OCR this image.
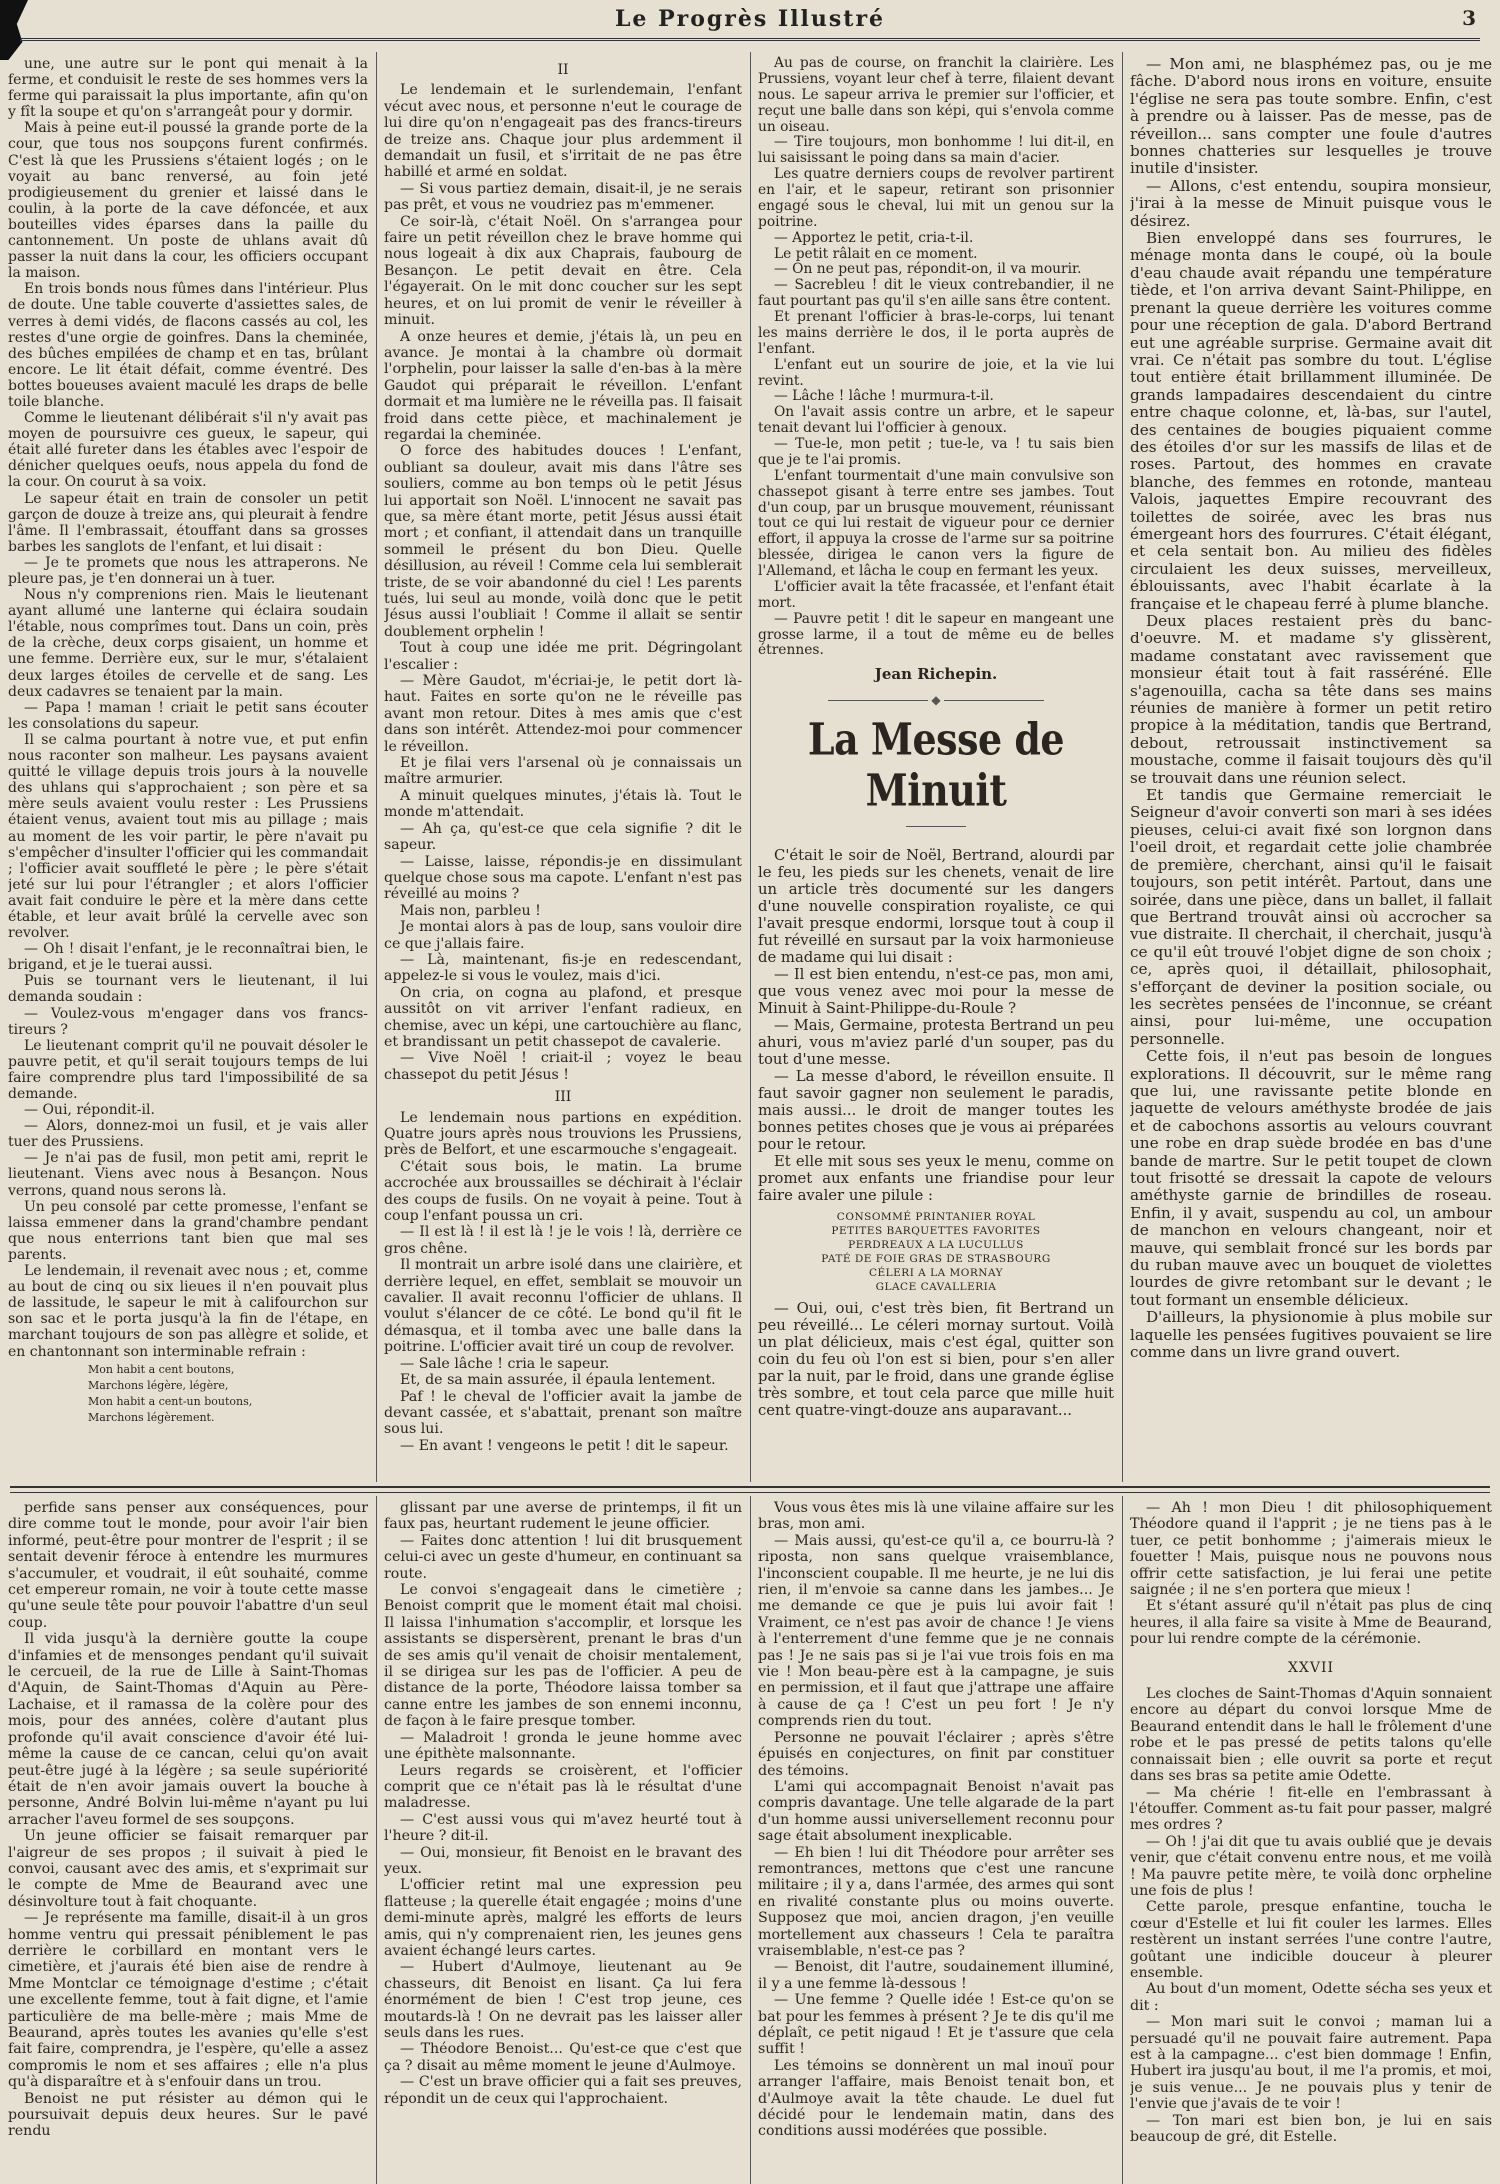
Le Progrès Illustré	3

une, une autre sur le pont qui menait à la ferme, et conduisit le reste de ses hommes vers la ferme qui paraissait la plus importante, afin qu'on y fît la soupe et qu'on s'arrangeât pour y dormir.

Mais à peine eut-il poussé la grande porte de la cour, que tous nos soupçons furent confirmés. C'est là que les Prussiens s'étaient logés ; on le voyait au banc renversé, au foin jeté prodigieusement du grenier et laissé dans le coulin, à la porte de la cave défoncée, et aux bouteilles vides éparses dans la paille du cantonnement. Un poste de uhlans avait dû passer la nuit dans la cour, les officiers occupant la maison.

En trois bonds nous fûmes dans l'intérieur. Plus de doute. Une table couverte d'assiettes sales, de verres à demi vidés, de flacons cassés au col, les restes d'une orgie de goinfres. Dans la cheminée, des bûches empilées de champ et en tas, brûlant encore. Le lit était défait, comme éventré. Des bottes boueuses avaient maculé les draps de belle toile blanche.

Comme le lieutenant délibérait s'il n'y avait pas moyen de poursuivre ces gueux, le sapeur, qui était allé fureter dans les étables avec l'espoir de dénicher quelques oeufs, nous appela du fond de la cour. On courut à sa voix.

Le sapeur était en train de consoler un petit garçon de douze à treize ans, qui pleurait à fendre l'âme. Il l'embrassait, étouffant dans sa grosses barbes les sanglots de l'enfant, et lui disait :

— Je te promets que nous les attraperons. Ne pleure pas, je t'en donnerai un à tuer.

Nous n'y comprenions rien. Mais le lieutenant ayant allumé une lanterne qui éclaira soudain l'étable, nous comprîmes tout. Dans un coin, près de la crèche, deux corps gisaient, un homme et une femme. Derrière eux, sur le mur, s'étalaient deux larges étoiles de cervelle et de sang. Les deux cadavres se tenaient par la main.

— Papa ! maman ! criait le petit sans écouter les consolations du sapeur.

Il se calma pourtant à notre vue, et put enfin nous raconter son malheur. Les paysans avaient quitté le village depuis trois jours à la nouvelle des uhlans qui s'approchaient ; son père et sa mère seuls avaient voulu rester : Les Prussiens étaient venus, avaient tout mis au pillage ; mais au moment de les voir partir, le père n'avait pu s'empêcher d'insulter l'officier qui les commandait ; l'officier avait souffleté le père ; le père s'était jeté sur lui pour l'étrangler ; et alors l'officier avait fait conduire le père et la mère dans cette étable, et leur avait brûlé la cervelle avec son revolver.

— Oh ! disait l'enfant, je le reconnaîtrai bien, le brigand, et je le tuerai aussi.

Puis se tournant vers le lieutenant, il lui demanda soudain :

— Voulez-vous m'engager dans vos francs-tireurs ?

Le lieutenant comprit qu'il ne pouvait désoler le pauvre petit, et qu'il serait toujours temps de lui faire comprendre plus tard l'impossibilité de sa demande.

— Oui, répondit-il.

— Alors, donnez-moi un fusil, et je vais aller tuer des Prussiens.

— Je n'ai pas de fusil, mon petit ami, reprit le lieutenant. Viens avec nous à Besançon. Nous verrons, quand nous serons là.

Un peu consolé par cette promesse, l'enfant se laissa emmener dans la grand'chambre pendant que nous enterrions tant bien que mal ses parents.

Le lendemain, il revenait avec nous ; et, comme au bout de cinq ou six lieues il n'en pouvait plus de lassitude, le sapeur le mit à califourchon sur son sac et le porta jusqu'à la fin de l'étape, en marchant toujours de son pas allègre et solide, et en chantonnant son interminable refrain :

Mon habit a cent boutons,
Marchons légère, légère,
Mon habit a cent-un boutons,
Marchons légèrement.

II

Le lendemain et le surlendemain, l'enfant vécut avec nous, et personne n'eut le courage de lui dire qu'on n'engageait pas des francs-tireurs de treize ans. Chaque jour plus ardemment il demandait un fusil, et s'irritait de ne pas être habillé et armé en soldat.

— Si vous partiez demain, disait-il, je ne serais pas prêt, et vous ne voudriez pas m'emmener.

Ce soir-là, c'était Noël. On s'arrangea pour faire un petit réveillon chez le brave homme qui nous logeait à dix aux Chaprais, faubourg de Besançon. Le petit devait en être. Cela l'égayerait. On le mit donc coucher sur les sept heures, et on lui promit de venir le réveiller à minuit.

A onze heures et demie, j'étais là, un peu en avance. Je montai à la chambre où dormait l'orphelin, pour laisser la salle d'en-bas à la mère Gaudot qui préparait le réveillon. L'enfant dormait et ma lumière ne le réveilla pas. Il faisait froid dans cette pièce, et machinalement je regardai la cheminée.

O force des habitudes douces ! L'enfant, oubliant sa douleur, avait mis dans l'âtre ses souliers, comme au bon temps où le petit Jésus lui apportait son Noël. L'innocent ne savait pas que, sa mère étant morte, petit Jésus aussi était mort ; et confiant, il attendait dans un tranquille sommeil le présent du bon Dieu. Quelle désillusion, au réveil ! Comme cela lui semblerait triste, de se voir abandonné du ciel ! Les parents tués, lui seul au monde, voilà donc que le petit Jésus aussi l'oubliait ! Comme il allait se sentir doublement orphelin !

Tout à coup une idée me prit. Dégringolant l'escalier :

— Mère Gaudot, m'écriai-je, le petit dort là-haut. Faites en sorte qu'on ne le réveille pas avant mon retour. Dites à mes amis que c'est dans son intérêt. Attendez-moi pour commencer le réveillon.

Et je filai vers l'arsenal où je connaissais un maître armurier.

A minuit quelques minutes, j'étais là. Tout le monde m'attendait.

— Ah ça, qu'est-ce que cela signifie ? dit le sapeur.

— Laisse, laisse, répondis-je en dissimulant quelque chose sous ma capote. L'enfant n'est pas réveillé au moins ?

Mais non, parbleu !

Je montai alors à pas de loup, sans vouloir dire ce que j'allais faire.

— Là, maintenant, fis-je en redescendant, appelez-le si vous le voulez, mais d'ici.

On cria, on cogna au plafond, et presque aussitôt on vit arriver l'enfant radieux, en chemise, avec un képi, une cartouchière au flanc, et brandissant un petit chassepot de cavalerie.

— Vive Noël ! criait-il ; voyez le beau chassepot du petit Jésus !

III

Le lendemain nous partions en expédition. Quatre jours après nous trouvions les Prussiens, près de Belfort, et une escarmouche s'engageait.

C'était sous bois, le matin. La brume accrochée aux broussailles se déchirait à l'éclair des coups de fusils. On ne voyait à peine. Tout à coup l'enfant poussa un cri.

— Il est là ! il est là ! je le vois ! là, derrière ce gros chêne.

Il montrait un arbre isolé dans une clairière, et derrière lequel, en effet, semblait se mouvoir un cavalier. Il avait reconnu l'officier de uhlans. Il voulut s'élancer de ce côté. Le bond qu'il fit le démasqua, et il tomba avec une balle dans la poitrine. L'officier avait tiré un coup de revolver.

— Sale lâche ! cria le sapeur.

Et, de sa main assurée, il épaula lentement.

Paf ! le cheval de l'officier avait la jambe de devant cassée, et s'abattait, prenant son maître sous lui.

— En avant ! vengeons le petit ! dit le sapeur.

Au pas de course, on franchit la clairière. Les Prussiens, voyant leur chef à terre, filaient devant nous. Le sapeur arriva le premier sur l'officier, et reçut une balle dans son képi, qui s'envola comme un oiseau.

— Tire toujours, mon bonhomme ! lui dit-il, en lui saisissant le poing dans sa main d'acier.

Les quatre derniers coups de revolver partirent en l'air, et le sapeur, retirant son prisonnier engagé sous le cheval, lui mit un genou sur la poitrine.

— Apportez le petit, cria-t-il.

Le petit râlait en ce moment.

— On ne peut pas, répondit-on, il va mourir.

— Sacrebleu ! dit le vieux contrebandier, il ne faut pourtant pas qu'il s'en aille sans être content.

Et prenant l'officier à bras-le-corps, lui tenant les mains derrière le dos, il le porta auprès de l'enfant.

L'enfant eut un sourire de joie, et la vie lui revint.

— Lâche ! lâche ! murmura-t-il.

On l'avait assis contre un arbre, et le sapeur tenait devant lui l'officier à genoux.

— Tue-le, mon petit ; tue-le, va ! tu sais bien que je te l'ai promis.

L'enfant tourmentait d'une main convulsive son chassepot gisant à terre entre ses jambes. Tout d'un coup, par un brusque mouvement, réunissant tout ce qui lui restait de vigueur pour ce dernier effort, il appuya la crosse de l'arme sur sa poitrine blessée, dirigea le canon vers la figure de l'Allemand, et lâcha le coup en fermant les yeux.

L'officier avait la tête fracassée, et l'enfant était mort.

— Pauvre petit ! dit le sapeur en mangeant une grosse larme, il a tout de même eu de belles étrennes.

Jean Richepin.

◆
La Messe de Minuit

C'était le soir de Noël, Bertrand, alourdi par le feu, les pieds sur les chenets, venait de lire un article très documenté sur les dangers d'une nouvelle conspiration royaliste, ce qui l'avait presque endormi, lorsque tout à coup il fut réveillé en sursaut par la voix harmonieuse de madame qui lui disait :

— Il est bien entendu, n'est-ce pas, mon ami, que vous venez avec moi pour la messe de Minuit à Saint-Philippe-du-Roule ?

— Mais, Germaine, protesta Bertrand un peu ahuri, vous m'aviez parlé d'un souper, pas du tout d'une messe.

— La messe d'abord, le réveillon ensuite. Il faut savoir gagner non seulement le paradis, mais aussi... le droit de manger toutes les bonnes petites choses que je vous ai préparées pour le retour.

Et elle mit sous ses yeux le menu, comme on promet aux enfants une friandise pour leur faire avaler une pilule :

CONSOMMÉ PRINTANIER ROYAL
PETITES BARQUETTES FAVORITES
PERDREAUX A LA LUCULLUS
PATÉ DE FOIE GRAS DE STRASBOURG
CÉLERI A LA MORNAY
GLACE CAVALLERIA

— Oui, oui, c'est très bien, fit Bertrand un peu réveillé... Le céleri mornay surtout. Voilà un plat délicieux, mais c'est égal, quitter son coin du feu où l'on est si bien, pour s'en aller par la nuit, par le froid, dans une grande église très sombre, et tout cela parce que mille huit cent quatre-vingt-douze ans auparavant...

— Mon ami, ne blasphémez pas, ou je me fâche. D'abord nous irons en voiture, ensuite l'église ne sera pas toute sombre. Enfin, c'est à prendre ou à laisser. Pas de messe, pas de réveillon... sans compter une foule d'autres bonnes chatteries sur lesquelles je trouve inutile d'insister.

— Allons, c'est entendu, soupira monsieur, j'irai à la messe de Minuit puisque vous le désirez.

Bien enveloppé dans ses fourrures, le ménage monta dans le coupé, où la boule d'eau chaude avait répandu une température tiède, et l'on arriva devant Saint-Philippe, en prenant la queue derrière les voitures comme pour une réception de gala. D'abord Bertrand eut une agréable surprise. Germaine avait dit vrai. Ce n'était pas sombre du tout. L'église tout entière était brillamment illuminée. De grands lampadaires descendaient du cintre entre chaque colonne, et, là-bas, sur l'autel, des centaines de bougies piquaient comme des étoiles d'or sur les massifs de lilas et de roses. Partout, des hommes en cravate blanche, des femmes en rotonde, manteau Valois, jaquettes Empire recouvrant des toilettes de soirée, avec les bras nus émergeant hors des fourrures. C'était élégant, et cela sentait bon. Au milieu des fidèles circulaient les deux suisses, merveilleux, éblouissants, avec l'habit écarlate à la française et le chapeau ferré à plume blanche.

Deux places restaient près du banc-d'oeuvre. M. et madame s'y glissèrent, madame constatant avec ravissement que monsieur était tout à fait rasséréné. Elle s'agenouilla, cacha sa tête dans ses mains réunies de manière à former un petit retiro propice à la méditation, tandis que Bertrand, debout, retroussait instinctivement sa moustache, comme il faisait toujours dès qu'il se trouvait dans une réunion select.

Et tandis que Germaine remerciait le Seigneur d'avoir converti son mari à ses idées pieuses, celui-ci avait fixé son lorgnon dans l'oeil droit, et regardait cette jolie chambrée de première, cherchant, ainsi qu'il le faisait toujours, son petit intérêt. Partout, dans une soirée, dans une pièce, dans un ballet, il fallait que Bertrand trouvât ainsi où accrocher sa vue distraite. Il cherchait, il cherchait, jusqu'à ce qu'il eût trouvé l'objet digne de son choix ; ce, après quoi, il détaillait, philosophait, s'efforçant de deviner la position sociale, ou les secrètes pensées de l'inconnue, se créant ainsi, pour lui-même, une occupation personnelle.

Cette fois, il n'eut pas besoin de longues explorations. Il découvrit, sur le même rang que lui, une ravissante petite blonde en jaquette de velours améthyste brodée de jais et de cabochons assortis au velours couvrant une robe en drap suède brodée en bas d'une bande de martre. Sur le petit toupet de clown tout frisotté se dressait la capote de velours améthyste garnie de brindilles de roseau. Enfin, il y avait, suspendu au col, un ambour de manchon en velours changeant, noir et mauve, qui semblait froncé sur les bords par du ruban mauve avec un bouquet de violettes lourdes de givre retombant sur le devant ; le tout formant un ensemble délicieux.

D'ailleurs, la physionomie à plus mobile sur laquelle les pensées fugitives pouvaient se lire comme dans un livre grand ouvert.

perfide sans penser aux conséquences, pour dire comme tout le monde, pour avoir l'air bien informé, peut-être pour montrer de l'esprit ; il se sentait devenir féroce à entendre les murmures s'accumuler, et voudrait, il eût souhaité, comme cet empereur romain, ne voir à toute cette masse qu'une seule tête pour pouvoir l'abattre d'un seul coup.

Il vida jusqu'à la dernière goutte la coupe d'infamies et de mensonges pendant qu'il suivait le cercueil, de la rue de Lille à Saint-Thomas d'Aquin, de Saint-Thomas d'Aquin au Père-Lachaise, et il ramassa de la colère pour des mois, pour des années, colère d'autant plus profonde qu'il avait conscience d'avoir été lui-même la cause de ce cancan, celui qu'on avait peut-être jugé à la légère ; sa seule supériorité était de n'en avoir jamais ouvert la bouche à personne, André Bolvin lui-même n'ayant pu lui arracher l'aveu formel de ses soupçons.

Un jeune officier se faisait remarquer par l'aigreur de ses propos ; il suivait à pied le convoi, causant avec des amis, et s'exprimait sur le compte de Mme de Beaurand avec une désinvolture tout à fait choquante.

— Je représente ma famille, disait-il à un gros homme ventru qui pressait péniblement le pas derrière le corbillard en montant vers le cimetière, et j'aurais été bien aise de rendre à Mme Montclar ce témoignage d'estime ; c'était une excellente femme, tout à fait digne, et l'amie particulière de ma belle-mère ; mais Mme de Beaurand, après toutes les avanies qu'elle s'est fait faire, comprendra, je l'espère, qu'elle a assez compromis le nom et ses affaires ; elle n'a plus qu'à disparaître et à s'enfouir dans un trou.

Benoist ne put résister au démon qui le poursuivait depuis deux heures. Sur le pavé rendu

glissant par une averse de printemps, il fit un faux pas, heurtant rudement le jeune officier.

— Faites donc attention ! lui dit brusquement celui-ci avec un geste d'humeur, en continuant sa route.

Le convoi s'engageait dans le cimetière ; Benoist comprit que le moment était mal choisi. Il laissa l'inhumation s'accomplir, et lorsque les assistants se dispersèrent, prenant le bras d'un de ses amis qu'il venait de choisir mentalement, il se dirigea sur les pas de l'officier. A peu de distance de la porte, Théodore laissa tomber sa canne entre les jambes de son ennemi inconnu, de façon à le faire presque tomber.

— Maladroit ! gronda le jeune homme avec une épithète malsonnante.

Leurs regards se croisèrent, et l'officier comprit que ce n'était pas là le résultat d'une maladresse.

— C'est aussi vous qui m'avez heurté tout à l'heure ? dit-il.

— Oui, monsieur, fit Benoist en le bravant des yeux.

L'officier retint mal une expression peu flatteuse ; la querelle était engagée ; moins d'une demi-minute après, malgré les efforts de leurs amis, qui n'y comprenaient rien, les jeunes gens avaient échangé leurs cartes.

— Hubert d'Aulmoye, lieutenant au 9e chasseurs, dit Benoist en lisant. Ça lui fera énormément de bien ! C'est trop jeune, ces moutards-là ! On ne devrait pas les laisser aller seuls dans les rues.

— Théodore Benoist... Qu'est-ce que c'est que ça ? disait au même moment le jeune d'Aulmoye.

— C'est un brave officier qui a fait ses preuves, répondit un de ceux qui l'approchaient.

Vous vous êtes mis là une vilaine affaire sur les bras, mon ami.

— Mais aussi, qu'est-ce qu'il a, ce bourru-là ? riposta, non sans quelque vraisemblance, l'inconscient coupable. Il me heurte, je ne lui dis rien, il m'envoie sa canne dans les jambes... Je me demande ce que je puis lui avoir fait ! Vraiment, ce n'est pas avoir de chance ! Je viens à l'enterrement d'une femme que je ne connais pas ! Je ne sais pas si je l'ai vue trois fois en ma vie ! Mon beau-père est à la campagne, je suis en permission, et il faut que j'attrape une affaire à cause de ça ! C'est un peu fort ! Je n'y comprends rien du tout.

Personne ne pouvait l'éclairer ; après s'être épuisés en conjectures, on finit par constituer des témoins.

L'ami qui accompagnait Benoist n'avait pas compris davantage. Une telle algarade de la part d'un homme aussi universellement reconnu pour sage était absolument inexplicable.

— Eh bien ! lui dit Théodore pour arrêter ses remontrances, mettons que c'est une rancune militaire ; il y a, dans l'armée, des armes qui sont en rivalité constante plus ou moins ouverte. Supposez que moi, ancien dragon, j'en veuille mortellement aux chasseurs ! Cela te paraîtra vraisemblable, n'est-ce pas ?

— Benoist, dit l'autre, soudainement illuminé, il y a une femme là-dessous !

— Une femme ? Quelle idée ! Est-ce qu'on se bat pour les femmes à présent ? Je te dis qu'il me déplaît, ce petit nigaud ! Et je t'assure que cela suffit !

Les témoins se donnèrent un mal inouï pour arranger l'affaire, mais Benoist tenait bon, et d'Aulmoye avait la tête chaude. Le duel fut décidé pour le lendemain matin, dans des conditions aussi modérées que possible.

— Ah ! mon Dieu ! dit philosophiquement Théodore quand il l'apprit ; je ne tiens pas à le tuer, ce petit bonhomme ; j'aimerais mieux le fouetter ! Mais, puisque nous ne pouvons nous offrir cette satisfaction, je lui ferai une petite saignée ; il ne s'en portera que mieux !

Et s'étant assuré qu'il n'était pas plus de cinq heures, il alla faire sa visite à Mme de Beaurand, pour lui rendre compte de la cérémonie.

XXVII

Les cloches de Saint-Thomas d'Aquin sonnaient encore au départ du convoi lorsque Mme de Beaurand entendit dans le hall le frôlement d'une robe et le pas pressé de petits talons qu'elle connaissait bien ; elle ouvrit sa porte et reçut dans ses bras sa petite amie Odette.

— Ma chérie ! fit-elle en l'embrassant à l'étouffer. Comment as-tu fait pour passer, malgré mes ordres ?

— Oh ! j'ai dit que tu avais oublié que je devais venir, que c'était convenu entre nous, et me voilà ! Ma pauvre petite mère, te voilà donc orpheline une fois de plus !

Cette parole, presque enfantine, toucha le cœur d'Estelle et lui fit couler les larmes. Elles restèrent un instant serrées l'une contre l'autre, goûtant une indicible douceur à pleurer ensemble.

Au bout d'un moment, Odette sécha ses yeux et dit :

— Mon mari suit le convoi ; maman lui a persuadé qu'il ne pouvait faire autrement. Papa est à la campagne... c'est bien dommage ! Enfin, Hubert ira jusqu'au bout, il me l'a promis, et moi, je suis venue... Je ne pouvais plus y tenir de l'envie que j'avais de te voir !

— Ton mari est bien bon, je lui en sais beaucoup de gré, dit Estelle.
